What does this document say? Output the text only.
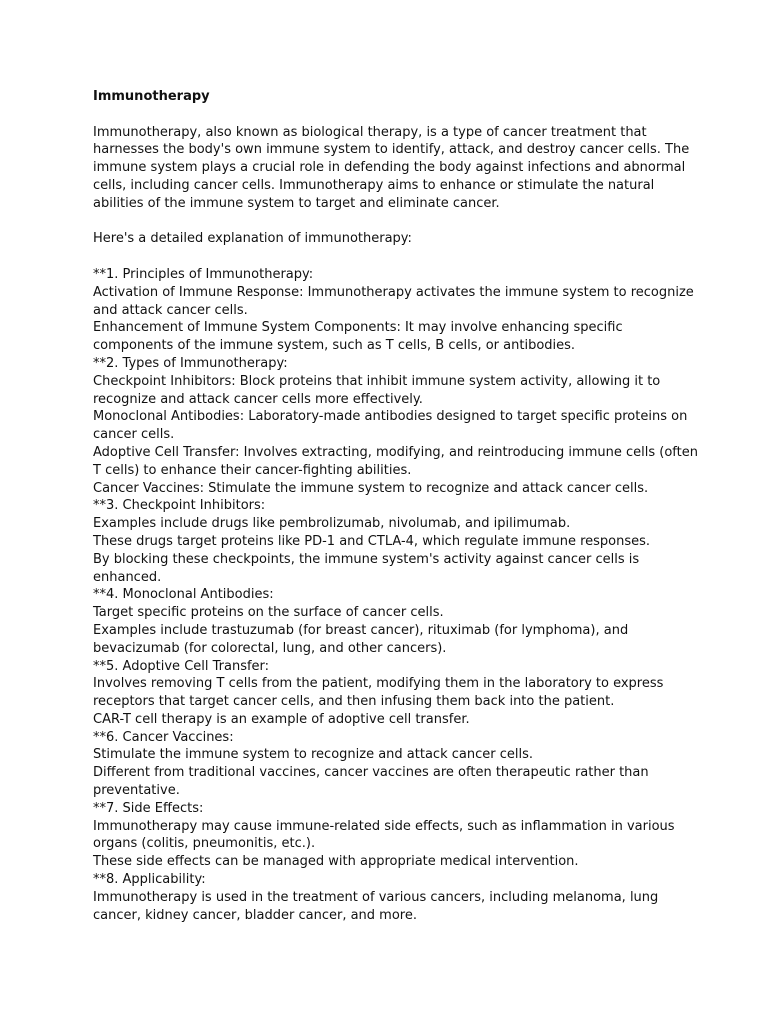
Immunotherapy
Immunotherapy, also known as biological therapy, is a type of cancer treatment that
harnesses the body's own immune system to identify, attack, and destroy cancer cells. The
immune system plays a crucial role in defending the body against infections and abnormal
cells, including cancer cells. Immunotherapy aims to enhance or stimulate the natural
abilities of the immune system to target and eliminate cancer.
Here's a detailed explanation of immunotherapy:
**1. Principles of Immunotherapy:
Activation of Immune Response: Immunotherapy activates the immune system to recognize
and attack cancer cells.
Enhancement of Immune System Components: It may involve enhancing specific
components of the immune system, such as T cells, B cells, or antibodies.
**2. Types of Immunotherapy:
Checkpoint Inhibitors: Block proteins that inhibit immune system activity, allowing it to
recognize and attack cancer cells more effectively.
Monoclonal Antibodies: Laboratory-made antibodies designed to target specific proteins on
cancer cells.
Adoptive Cell Transfer: Involves extracting, modifying, and reintroducing immune cells (often
T cells) to enhance their cancer-fighting abilities.
Cancer Vaccines: Stimulate the immune system to recognize and attack cancer cells.
**3. Checkpoint Inhibitors:
Examples include drugs like pembrolizumab, nivolumab, and ipilimumab.
These drugs target proteins like PD-1 and CTLA-4, which regulate immune responses.
By blocking these checkpoints, the immune system's activity against cancer cells is
enhanced.
**4. Monoclonal Antibodies:
Target specific proteins on the surface of cancer cells.
Examples include trastuzumab (for breast cancer), rituximab (for lymphoma), and
bevacizumab (for colorectal, lung, and other cancers).
**5. Adoptive Cell Transfer:
Involves removing T cells from the patient, modifying them in the laboratory to express
receptors that target cancer cells, and then infusing them back into the patient.
CAR-T cell therapy is an example of adoptive cell transfer.
**6. Cancer Vaccines:
Stimulate the immune system to recognize and attack cancer cells.
Different from traditional vaccines, cancer vaccines are often therapeutic rather than
preventative.
**7. Side Effects:
Immunotherapy may cause immune-related side effects, such as inflammation in various
organs (colitis, pneumonitis, etc.).
These side effects can be managed with appropriate medical intervention.
**8. Applicability:
Immunotherapy is used in the treatment of various cancers, including melanoma, lung
cancer, kidney cancer, bladder cancer, and more.
